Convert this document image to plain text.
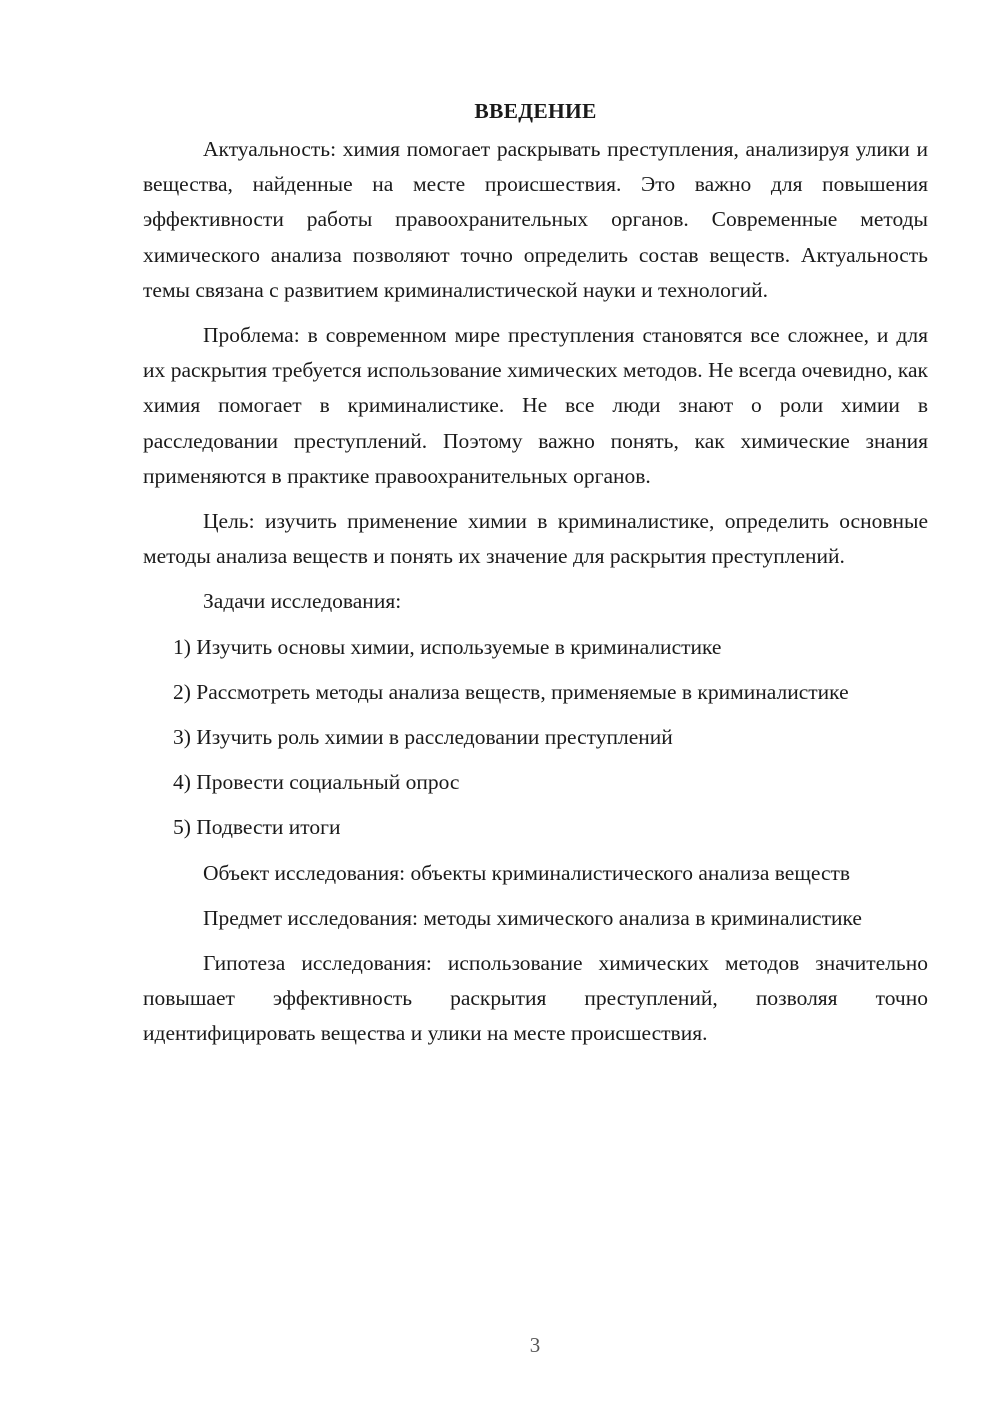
ВВЕДЕНИЕ

Актуальность: химия помогает раскрывать преступления, анализируя улики и вещества, найденные на месте происшествия. Это важно для повышения эффективности работы правоохранительных органов. Современные методы химического анализа позволяют точно определить состав веществ. Актуальность темы связана с развитием криминалистической науки и технологий.

Проблема: в современном мире преступления становятся все сложнее, и для их раскрытия требуется использование химических методов. Не всегда очевидно, как химия помогает в криминалистике. Не все люди знают о роли химии в расследовании преступлений. Поэтому важно понять, как химические знания применяются в практике правоохранительных органов.

Цель: изучить применение химии в криминалистике, определить основные методы анализа веществ и понять их значение для раскрытия преступлений.

Задачи исследования:

1) Изучить основы химии, используемые в криминалистике

2) Рассмотреть методы анализа веществ, применяемые в криминалистике

3) Изучить роль химии в расследовании преступлений

4) Провести социальный опрос

5) Подвести итоги

Объект исследования: объекты криминалистического анализа веществ

Предмет исследования: методы химического анализа в криминалистике

Гипотеза исследования: использование химических методов значительно повышает эффективность раскрытия преступлений, позволяя точно идентифицировать вещества и улики на месте происшествия.

3
